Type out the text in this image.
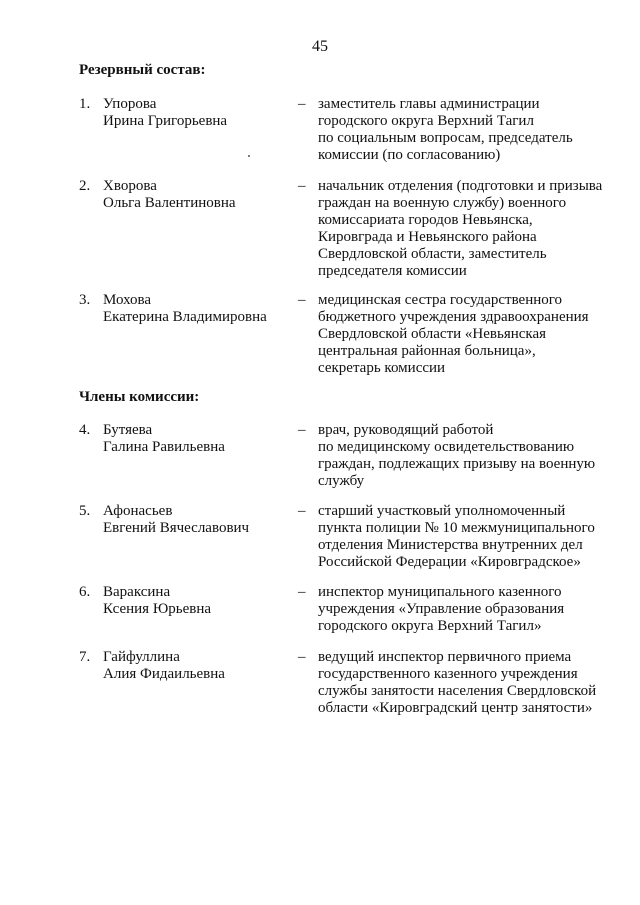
45
Резервный состав:
1. Упорова
Ирина Григорьевна
– заместитель главы администрации
городского округа Верхний Тагил
по социальным вопросам, председатель
комиссии (по согласованию)
2. Хворова
Ольга Валентиновна
– начальник отделения (подготовки и призыва
граждан на военную службу) военного
комиссариата городов Невьянска,
Кировграда и Невьянского района
Свердловской области, заместитель
председателя комиссии
3. Мохова
Екатерина Владимировна
– медицинская сестра государственного
бюджетного учреждения здравоохранения
Свердловской области «Невьянская
центральная районная больница»,
секретарь комиссии
Члены комиссии:
4. Бутяева
Галина Равильевна
– врач, руководящий работой
по медицинскому освидетельствованию
граждан, подлежащих призыву на военную
службу
5. Афонасьев
Евгений Вячеславович
– старший участковый уполномоченный
пункта полиции № 10 межмуниципального
отделения Министерства внутренних дел
Российской Федерации «Кировградское»
6. Вараксина
Ксения Юрьевна
– инспектор муниципального казенного
учреждения «Управление образования
городского округа Верхний Тагил»
7. Гайфуллина
Алия Фидаильевна
– ведущий инспектор первичного приема
государственного казенного учреждения
службы занятости населения Свердловской
области «Кировградский центр занятости»
